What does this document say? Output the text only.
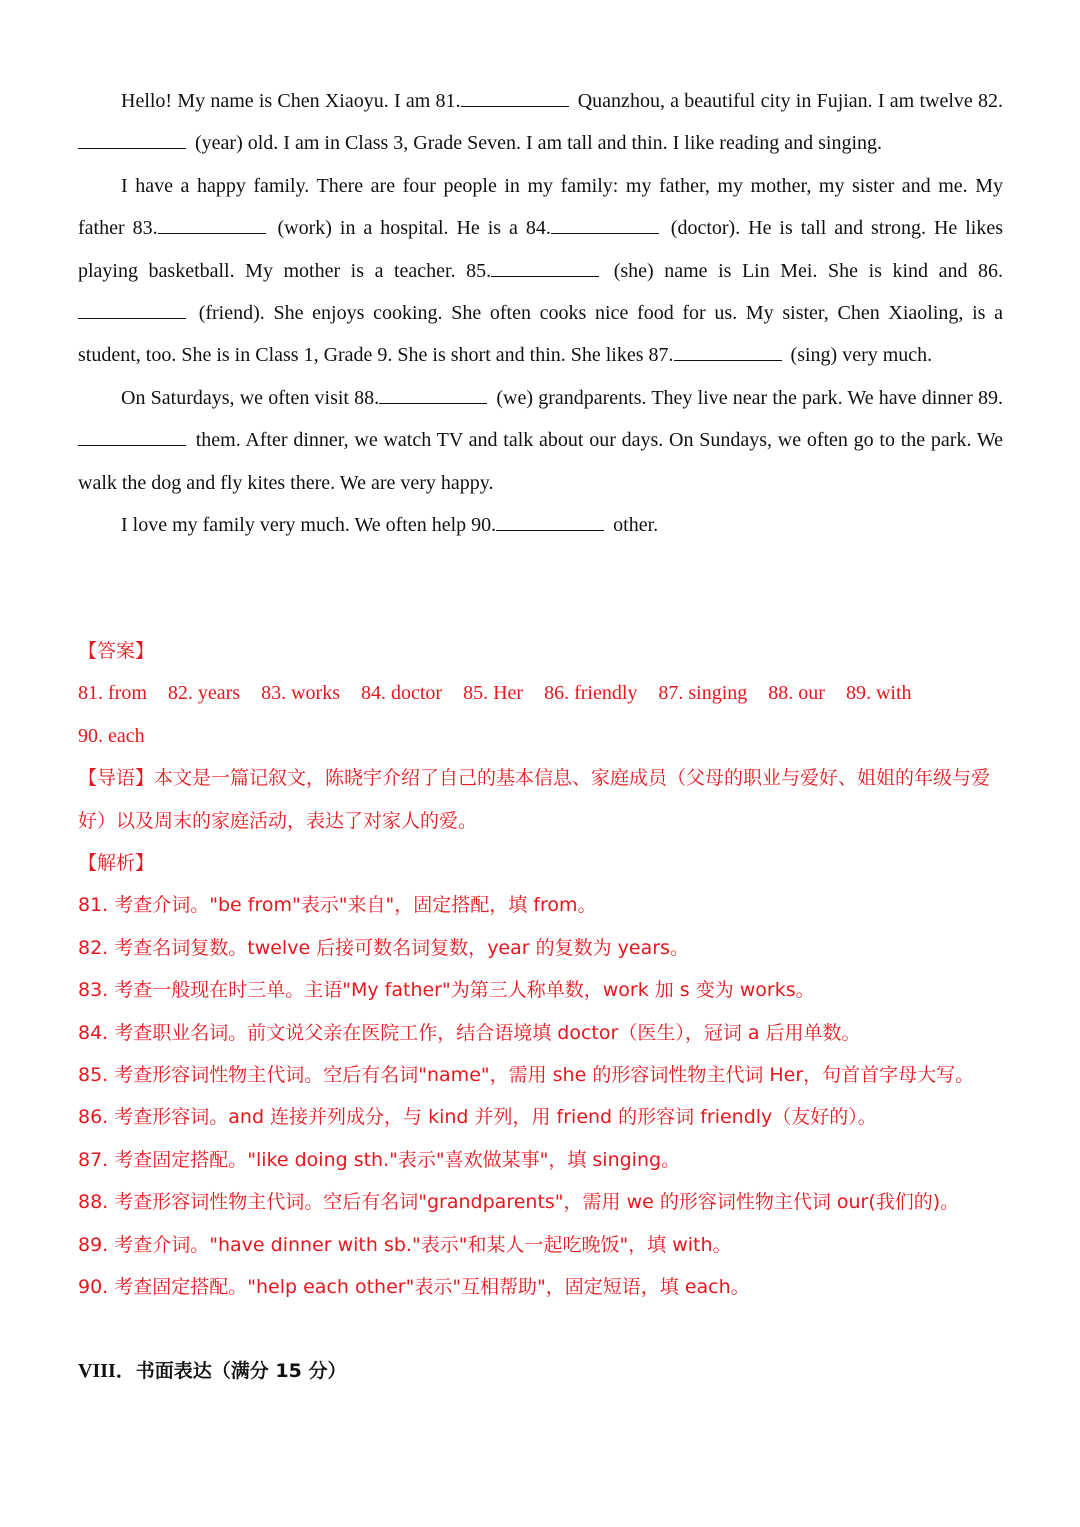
Hello! My name is Chen Xiaoyu. I am 81.	Quanzhou, a beautiful city in Fujian. I am twelve 82. (year) old. I am in Class 3, Grade Seven. I am tall and thin. I like reading and singing.

I have a happy family. There are four people in my family: my father, my mother, my sister and me. My father 83.	(work) in a hospital. He is a 84.	(doctor). He is tall and strong. He likes playing basketball. My mother is a teacher. 85.	(she) name is Lin Mei. She is kind and 86. (friend). She enjoys cooking. She often cooks nice food for us. My sister, Chen Xiaoling, is a student, too. She is in Class 1, Grade 9. She is short and thin. She likes 87.	(sing) very much.

On Saturdays, we often visit 88.	(we) grandparents. They live near the park. We have dinner 89. them. After dinner, we watch TV and talk about our days. On Sundays, we often go to the park. We walk the dog and fly kites there. We are very happy.

I love my family very much. We often help 90.	other.

【答案】
81. from 82. years 83. works 84. doctor 85. Her 86. friendly 87. singing 88. our 89. with
90. each
【导语】本文是一篇记叙文，陈晓宇介绍了自己的基本信息、家庭成员（父母的职业与爱好、姐姐的年级与爱好）以及周末的家庭活动，表达了对家人的爱。
【解析】
81. 考查介词。"be from"表示"来自"，固定搭配，填 from。
82. 考查名词复数。twelve 后接可数名词复数，year 的复数为 years。
83. 考查一般现在时三单。主语"My father"为第三人称单数，work 加 s 变为 works。
84. 考查职业名词。前文说父亲在医院工作，结合语境填 doctor（医生），冠词 a 后用单数。
85. 考查形容词性物主代词。空后有名词"name"，需用 she 的形容词性物主代词 Her，句首首字母大写。
86. 考查形容词。and 连接并列成分，与 kind 并列，用 friend 的形容词 friendly（友好的）。
87. 考查固定搭配。"like doing sth."表示"喜欢做某事"，填 singing。
88. 考查形容词性物主代词。空后有名词"grandparents"，需用 we 的形容词性物主代词 our(我们的)。
89. 考查介词。"have dinner with sb."表示"和某人一起吃晚饭"，填 with。
90. 考查固定搭配。"help each other"表示"互相帮助"，固定短语，填 each。
VIII．书面表达（满分 15 分）
